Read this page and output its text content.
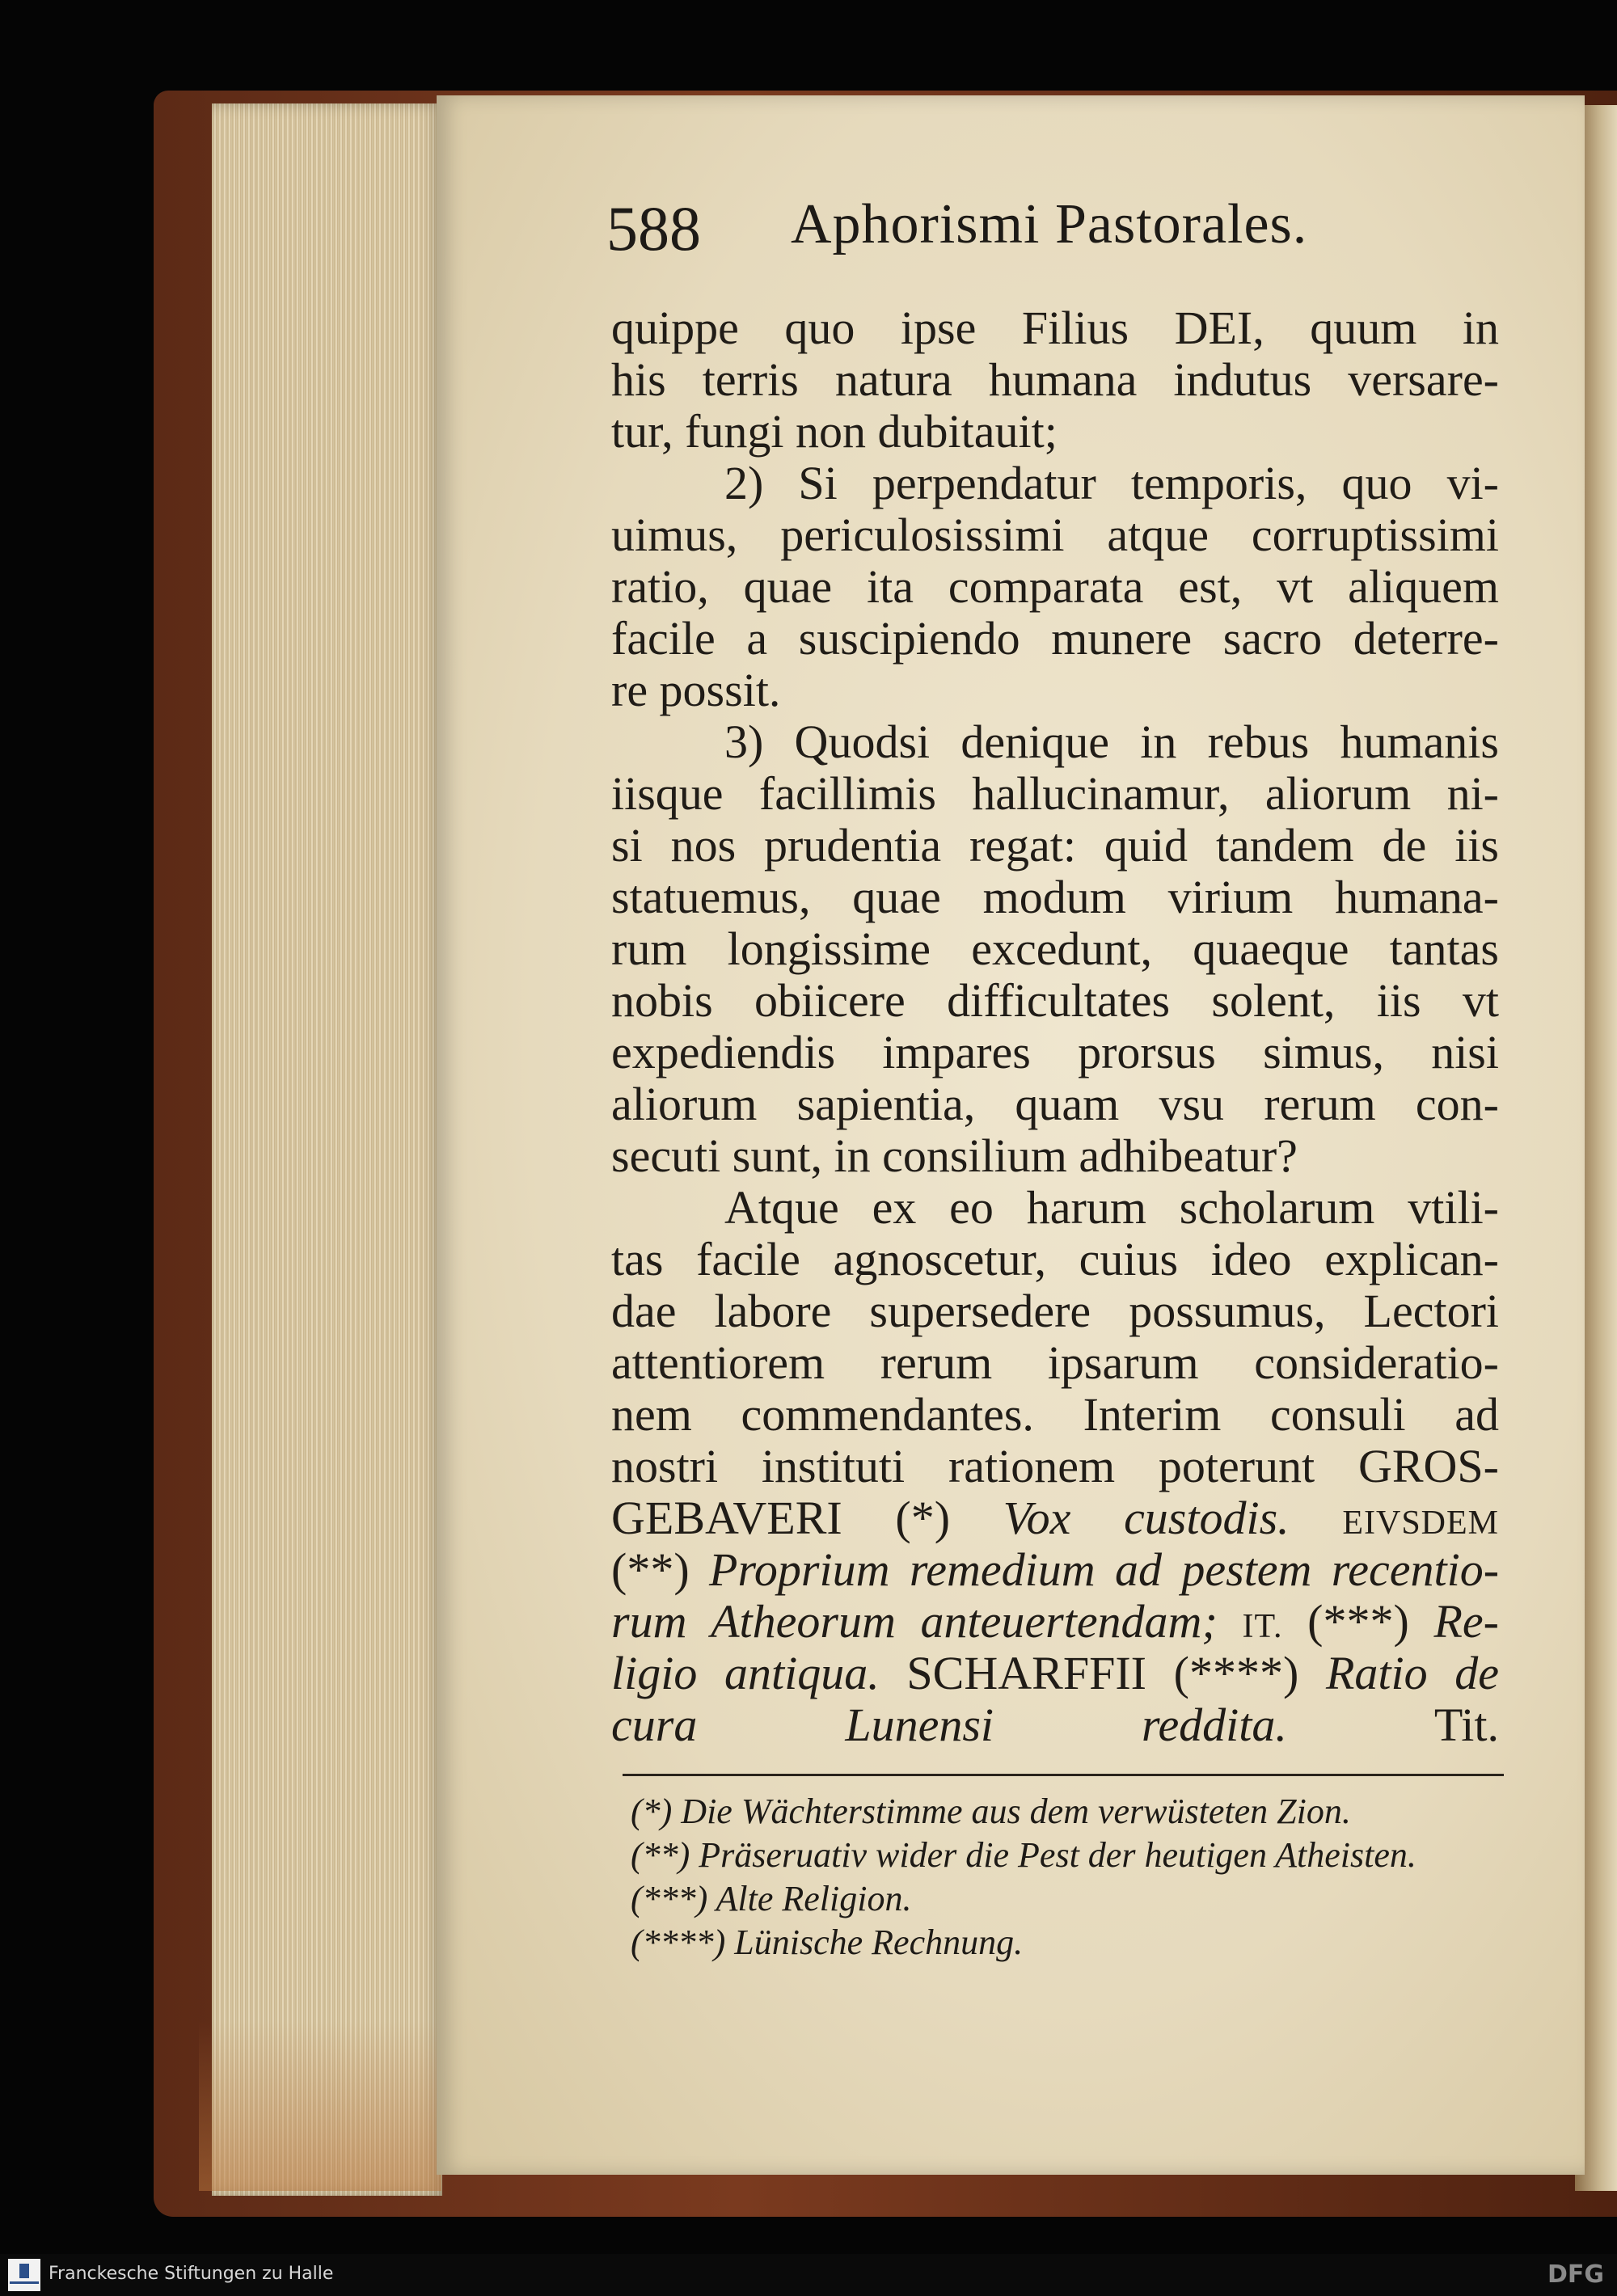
588 Aphorismi Pastorales.
quippe quo ipse Filius DEI, quum in
his terris natura humana indutus versare-
tur, fungi non dubitauit;
2) Si perpendatur temporis, quo vi-
uimus, periculosissimi atque corruptissimi
ratio, quae ita comparata est, vt aliquem
facile a suscipiendo munere sacro deterre-
re possit.
3) Quodsi denique in rebus humanis
iisque facillimis hallucinamur, aliorum ni-
si nos prudentia regat: quid tandem de iis
statuemus, quae modum virium humana-
rum longissime excedunt, quaeque tantas
nobis obiicere difficultates solent, iis vt
expediendis impares prorsus simus, nisi
aliorum sapientia, quam vsu rerum con-
secuti sunt, in consilium adhibeatur?
Atque ex eo harum scholarum vtili-
tas facile agnoscetur, cuius ideo explican-
dae labore supersedere possumus, Lectori
attentiorem rerum ipsarum consideratio-
nem commendantes. Interim consuli ad
nostri instituti rationem poterunt GROS-
GEBAVERI (*) Vox custodis. EIVSDEM
(**) Proprium remedium ad pestem recentio-
rum Atheorum anteuertendam; IT. (***) Re-
ligio antiqua. SCHARFFII (****) Ratio de
cura Lunensi reddita.	Tit.
(*) Die Wächterstimme aus dem verwüsteten Zion.
(**) Präseruativ wider die Pest der heutigen Atheisten.
(***) Alte Religion.
(****) Lünische Rechnung.
Franckesche Stiftungen zu Halle	DFG
